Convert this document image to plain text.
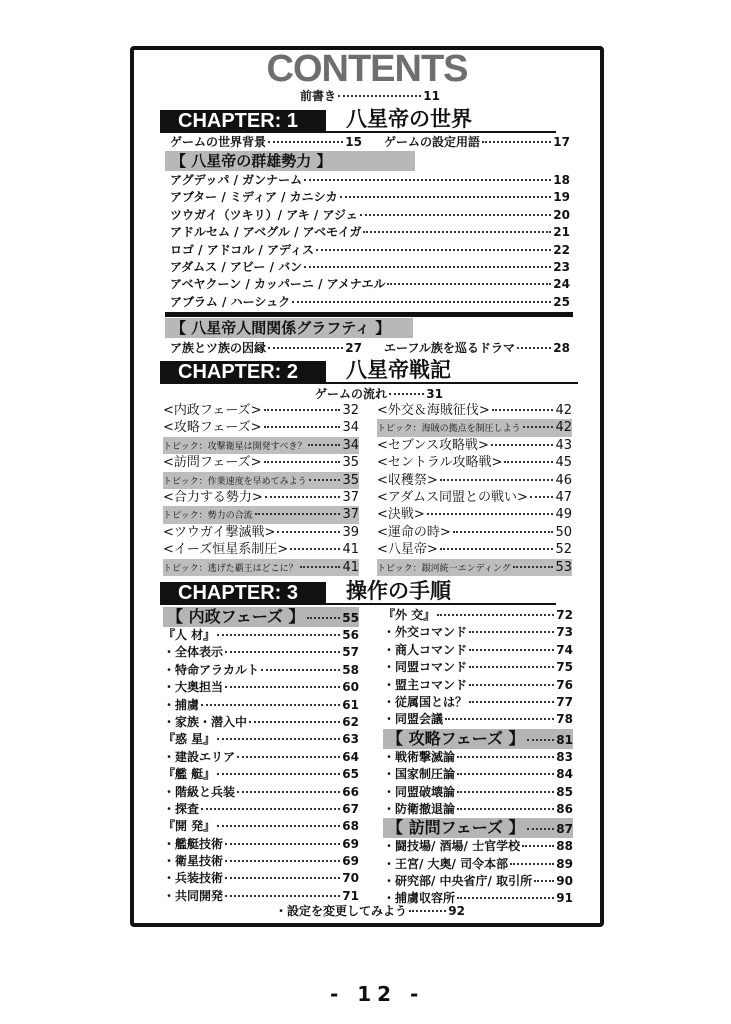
CONTENTS
前書き	11
CHAPTER: 1	八星帝の世界
ゲームの世界背景	15 ゲームの設定用語	17
【 八星帝の群雄勢力 】
アグデッパ / ガンナーム	18
アブター / ミディア / カニシカ	19
ツウガイ（ツキリ）/ アキ / アジェ	20
アドルセム / アベグル / アベモイガ	21
ロゴ / アドコル / アディス	22
アダムス / アビー / バン	23
アベヤクーン / カッパーニ / アメナエル	24
アブラム / ハーシュク	25
【 八星帝人間関係グラフティ 】
ア族とツ族の因縁	27 エーフル族を巡るドラマ	28
CHAPTER: 2	八星帝戦記
ゲームの流れ	31
<内政フェーズ>	32
<攻略フェーズ>	34
トピック：攻撃衛星は開発すべき？	34
<訪問フェーズ>	35
トピック：作業速度を早めてみよう	35
<合力する勢力>	37
トピック：勢力の合流	37
<ツウガイ撃滅戦>	39
<イーズ恒星系制圧>	41
トピック：逃げた覇王はどこに？	41
<外交＆海賊征伐>	42
トピック：海賊の拠点を制圧しよう	42
<セブンス攻略戦>	43
<セントラル攻略戦>	45
<収穫祭>	46
<アダムス同盟との戦い> 47
<決戦>	49
<運命の時>	50
<八星帝>	52
トピック：銀河統一エンディング	53
CHAPTER: 3	操作の手順
【 内政フェーズ 】	55
『人 材』	56
・全体表示	57
・特命アラカルト	58
・大奥担当	60
・捕虜	61
・家族・潜入中	62
『惑 星』	63
・建設エリア	64
『艦 艇』	65
・階級と兵装	66
・探査	67
『開 発』	68
・艦艇技術	69
・衛星技術	69
・兵装技術	70
・共同開発	71
『外 交』	72
・外交コマンド	73
・商人コマンド	74
・同盟コマンド	75
・盟主コマンド	76
・従属国とは？	77
・同盟会議	78
【 攻略フェーズ 】	81
・戦術撃滅論	83
・国家制圧論	84
・同盟破壊論	85
・防衛撤退論	86
【 訪問フェーズ 】	87
・闘技場/ 酒場/ 士官学校	88
・王宮/ 大奥/ 司令本部	89
・研究部/ 中央省庁/ 取引所 90
・捕虜収容所	91
・設定を変更してみよう	92
- 12 -
